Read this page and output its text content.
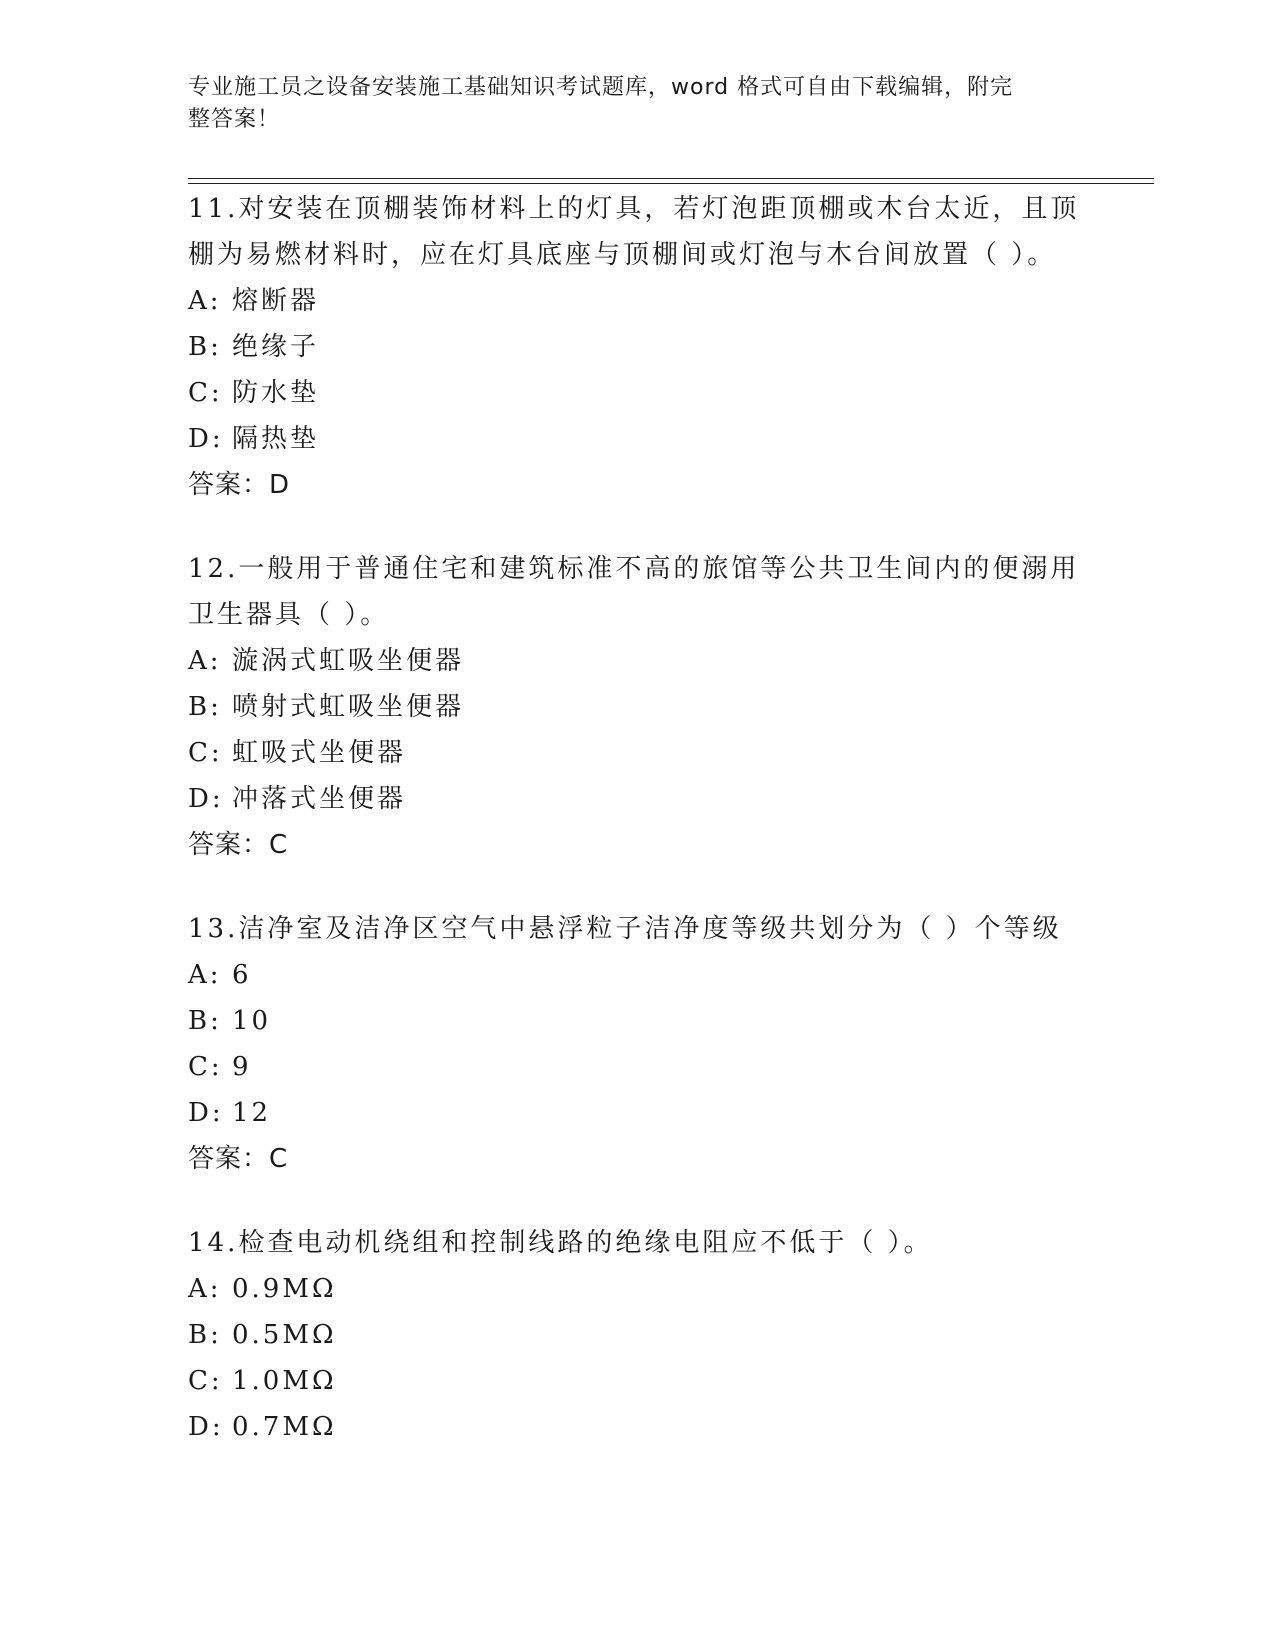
专业施工员之设备安装施工基础知识考试题库，word 格式可自由下载编辑，附完
整答案！
11.对安装在顶棚装饰材料上的灯具，若灯泡距顶棚或木台太近，且顶
棚为易燃材料时，应在灯具底座与顶棚间或灯泡与木台间放置（ ）。
A: 熔断器
B: 绝缘子
C: 防水垫
D: 隔热垫
答案：D
12.一般用于普通住宅和建筑标准不高的旅馆等公共卫生间内的便溺用
卫生器具（ ）。
A: 漩涡式虹吸坐便器
B: 喷射式虹吸坐便器
C: 虹吸式坐便器
D: 冲落式坐便器
答案：C
13.洁净室及洁净区空气中悬浮粒子洁净度等级共划分为（ ）个等级
A: 6
B: 10
C: 9
D: 12
答案：C
14.检查电动机绕组和控制线路的绝缘电阻应不低于（ ）。
A: 0.9MΩ
B: 0.5MΩ
C: 1.0MΩ
D: 0.7MΩ
